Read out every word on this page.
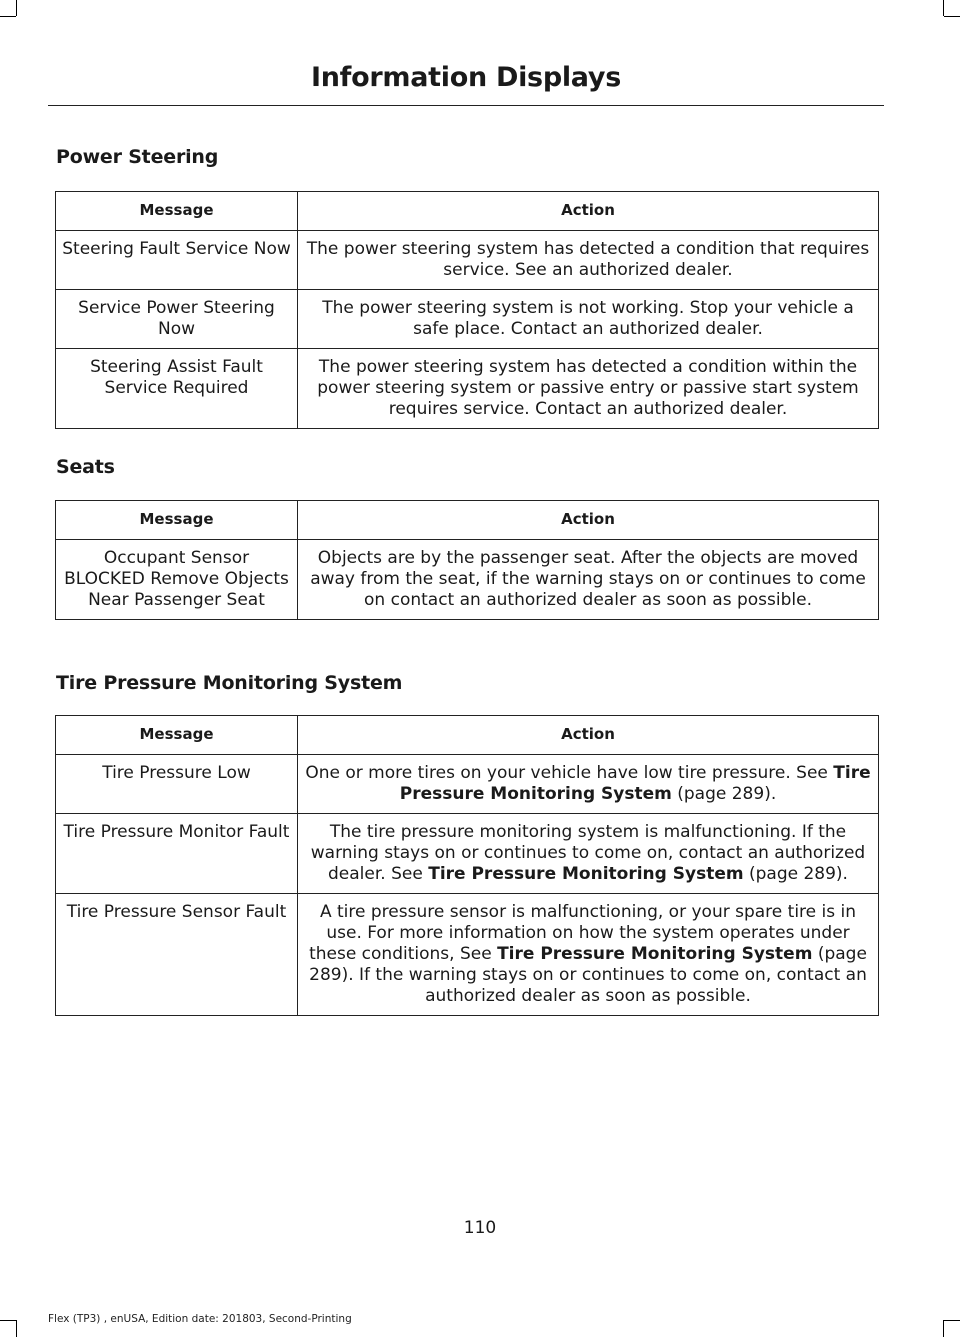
Information Displays
Power Steering
Message	Action
Steering Fault Service Now	The power steering system has detected a condition that requires service. See an authorized dealer.
Service Power Steering Now	The power steering system is not working. Stop your vehicle a safe place. Contact an authorized dealer.
Steering Assist Fault Service Required	The power steering system has detected a condition within the power steering system or passive entry or passive start system requires service. Contact an authorized dealer.
Seats
Message	Action
Occupant Sensor BLOCKED Remove Objects Near Passenger Seat	Objects are by the passenger seat. After the objects are moved away from the seat, if the warning stays on or continues to come on contact an authorized dealer as soon as possible.
Tire Pressure Monitoring System
Message	Action
Tire Pressure Low	One or more tires on your vehicle have low tire pressure. See Tire Pressure Monitoring System (page 289).
Tire Pressure Monitor Fault	The tire pressure monitoring system is malfunctioning. If the warning stays on or continues to come on, contact an authorized dealer. See Tire Pressure Monitoring System (page 289).
Tire Pressure Sensor Fault	A tire pressure sensor is malfunctioning, or your spare tire is in use. For more information on how the system operates under these conditions, See Tire Pressure Monitoring System (page 289). If the warning stays on or continues to come on, contact an authorized dealer as soon as possible.
110
Flex (TP3) , enUSA, Edition date: 201803, Second-Printing
